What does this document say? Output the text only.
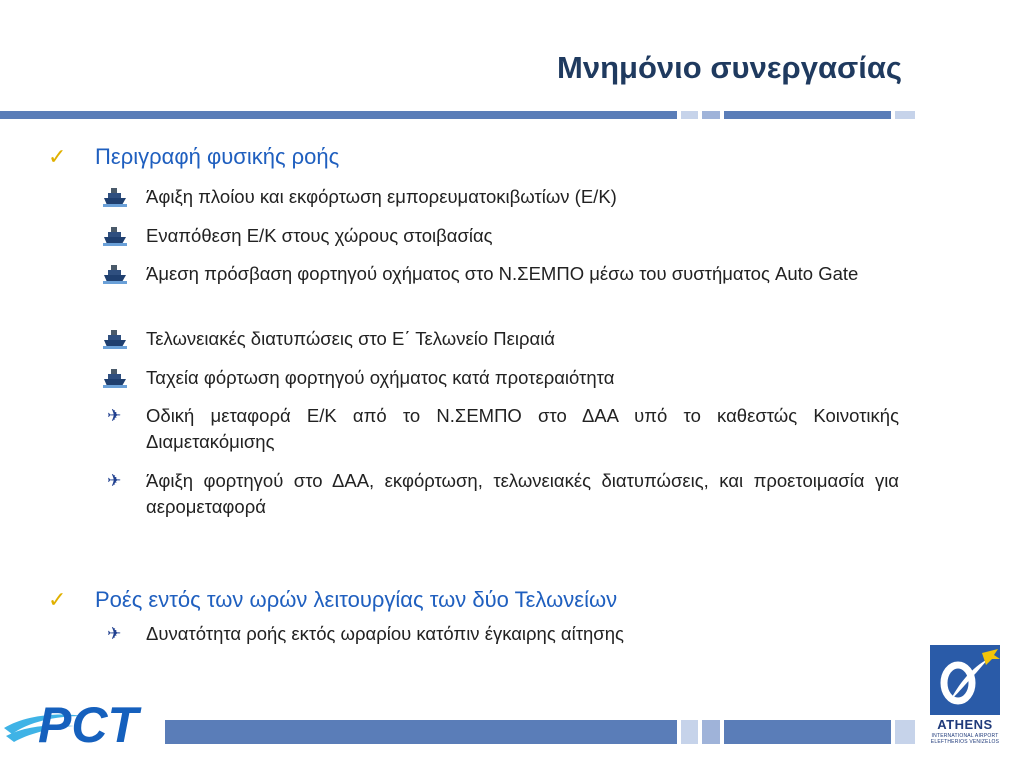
Μνημόνιο συνεργασίας
✓	Περιγραφή φυσικής ροής
Άφιξη πλοίου και εκφόρτωση εμπορευματοκιβωτίων (Ε/Κ)
Εναπόθεση Ε/Κ στους χώρους στοιβασίας
Άμεση πρόσβαση φορτηγού οχήματος στο Ν.ΣΕΜΠΟ μέσω του συστήματος Auto Gate
Τελωνειακές διατυπώσεις στο Ε΄ Τελωνείο Πειραιά
Ταχεία φόρτωση φορτηγού οχήματος κατά προτεραιότητα
✈ Οδική μεταφορά Ε/Κ από το Ν.ΣΕΜΠΟ στο ΔΑΑ υπό το καθεστώς Κοινοτικής Διαμετακόμισης
✈ Άφιξη φορτηγού στο ΔΑΑ, εκφόρτωση, τελωνειακές διατυπώσεις, και προετοιμασία για αερομεταφορά
✓	Ροές εντός των ωρών λειτουργίας των δύο Τελωνείων
✈ Δυνατότητα ροής εκτός ωραρίου κατόπιν έγκαιρης αίτησης
PCT	ATHENS
INTERNATIONAL AIRPORT
ELEFTHERIOS VENIZELOS
